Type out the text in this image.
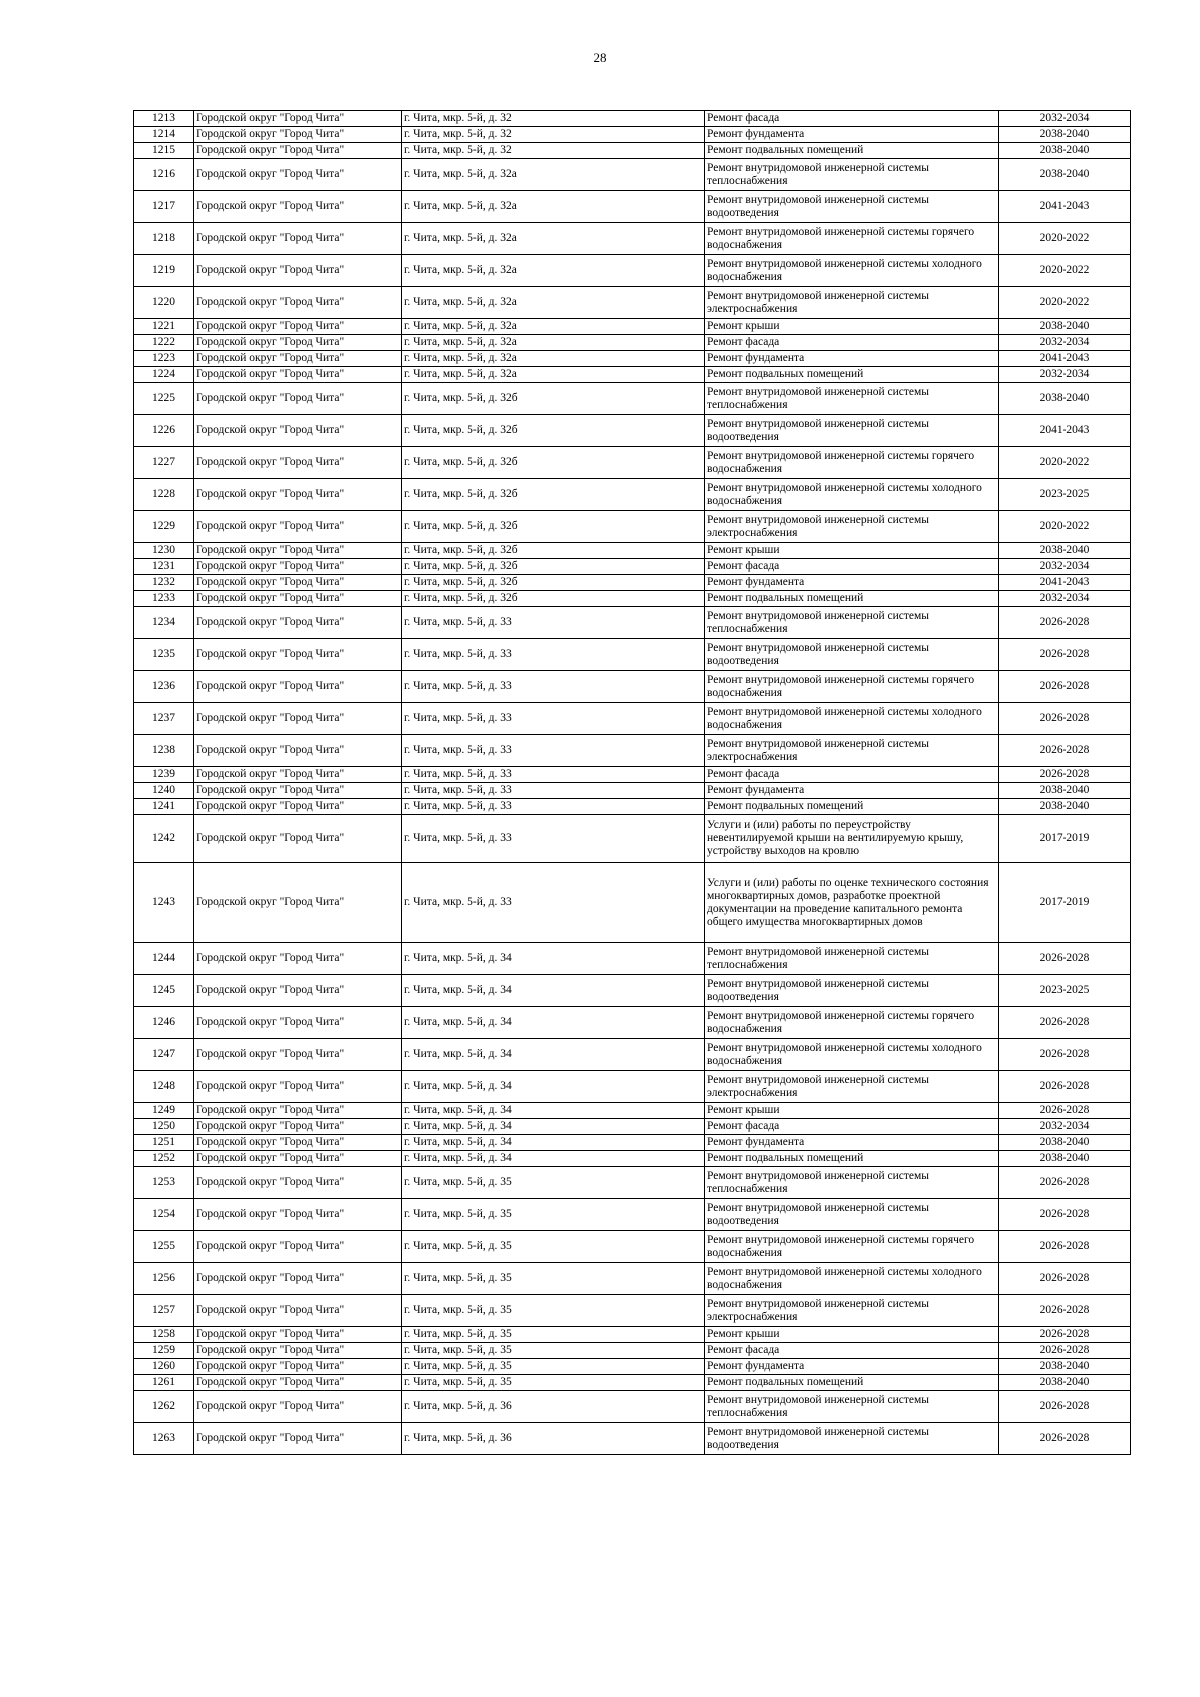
28
1213	Городской округ "Город Чита"	г. Чита, мкр. 5-й, д. 32	Ремонт фасада	2032-2034
1214	Городской округ "Город Чита"	г. Чита, мкр. 5-й, д. 32	Ремонт фундамента	2038-2040
1215	Городской округ "Город Чита"	г. Чита, мкр. 5-й, д. 32	Ремонт подвальных помещений	2038-2040
1216	Городской округ "Город Чита"	г. Чита, мкр. 5-й, д. 32а	Ремонт внутридомовой инженерной системы теплоснабжения	2038-2040
1217	Городской округ "Город Чита"	г. Чита, мкр. 5-й, д. 32а	Ремонт внутридомовой инженерной системы водоотведения	2041-2043
1218	Городской округ "Город Чита"	г. Чита, мкр. 5-й, д. 32а	Ремонт внутридомовой инженерной системы горячего водоснабжения	2020-2022
1219	Городской округ "Город Чита"	г. Чита, мкр. 5-й, д. 32а	Ремонт внутридомовой инженерной системы холодного водоснабжения	2020-2022
1220	Городской округ "Город Чита"	г. Чита, мкр. 5-й, д. 32а	Ремонт внутридомовой инженерной системы электроснабжения	2020-2022
1221	Городской округ "Город Чита"	г. Чита, мкр. 5-й, д. 32а	Ремонт крыши	2038-2040
1222	Городской округ "Город Чита"	г. Чита, мкр. 5-й, д. 32а	Ремонт фасада	2032-2034
1223	Городской округ "Город Чита"	г. Чита, мкр. 5-й, д. 32а	Ремонт фундамента	2041-2043
1224	Городской округ "Город Чита"	г. Чита, мкр. 5-й, д. 32а	Ремонт подвальных помещений	2032-2034
1225	Городской округ "Город Чита"	г. Чита, мкр. 5-й, д. 32б	Ремонт внутридомовой инженерной системы теплоснабжения	2038-2040
1226	Городской округ "Город Чита"	г. Чита, мкр. 5-й, д. 32б	Ремонт внутридомовой инженерной системы водоотведения	2041-2043
1227	Городской округ "Город Чита"	г. Чита, мкр. 5-й, д. 32б	Ремонт внутридомовой инженерной системы горячего водоснабжения	2020-2022
1228	Городской округ "Город Чита"	г. Чита, мкр. 5-й, д. 32б	Ремонт внутридомовой инженерной системы холодного водоснабжения	2023-2025
1229	Городской округ "Город Чита"	г. Чита, мкр. 5-й, д. 32б	Ремонт внутридомовой инженерной системы электроснабжения	2020-2022
1230	Городской округ "Город Чита"	г. Чита, мкр. 5-й, д. 32б	Ремонт крыши	2038-2040
1231	Городской округ "Город Чита"	г. Чита, мкр. 5-й, д. 32б	Ремонт фасада	2032-2034
1232	Городской округ "Город Чита"	г. Чита, мкр. 5-й, д. 32б	Ремонт фундамента	2041-2043
1233	Городской округ "Город Чита"	г. Чита, мкр. 5-й, д. 32б	Ремонт подвальных помещений	2032-2034
1234	Городской округ "Город Чита"	г. Чита, мкр. 5-й, д. 33	Ремонт внутридомовой инженерной системы теплоснабжения	2026-2028
1235	Городской округ "Город Чита"	г. Чита, мкр. 5-й, д. 33	Ремонт внутридомовой инженерной системы водоотведения	2026-2028
1236	Городской округ "Город Чита"	г. Чита, мкр. 5-й, д. 33	Ремонт внутридомовой инженерной системы горячего водоснабжения	2026-2028
1237	Городской округ "Город Чита"	г. Чита, мкр. 5-й, д. 33	Ремонт внутридомовой инженерной системы холодного водоснабжения	2026-2028
1238	Городской округ "Город Чита"	г. Чита, мкр. 5-й, д. 33	Ремонт внутридомовой инженерной системы электроснабжения	2026-2028
1239	Городской округ "Город Чита"	г. Чита, мкр. 5-й, д. 33	Ремонт фасада	2026-2028
1240	Городской округ "Город Чита"	г. Чита, мкр. 5-й, д. 33	Ремонт фундамента	2038-2040
1241	Городской округ "Город Чита"	г. Чита, мкр. 5-й, д. 33	Ремонт подвальных помещений	2038-2040
1242	Городской округ "Город Чита"	г. Чита, мкр. 5-й, д. 33	Услуги и (или) работы по переустройству невентилируемой крыши на вентилируемую крышу, устройству выходов на кровлю	2017-2019
1243	Городской округ "Город Чита"	г. Чита, мкр. 5-й, д. 33	Услуги и (или) работы по оценке технического состояния многоквартирных домов, разработке проектной документации на проведение капитального ремонта общего имущества многоквартирных домов	2017-2019
1244	Городской округ "Город Чита"	г. Чита, мкр. 5-й, д. 34	Ремонт внутридомовой инженерной системы теплоснабжения	2026-2028
1245	Городской округ "Город Чита"	г. Чита, мкр. 5-й, д. 34	Ремонт внутридомовой инженерной системы водоотведения	2023-2025
1246	Городской округ "Город Чита"	г. Чита, мкр. 5-й, д. 34	Ремонт внутридомовой инженерной системы горячего водоснабжения	2026-2028
1247	Городской округ "Город Чита"	г. Чита, мкр. 5-й, д. 34	Ремонт внутридомовой инженерной системы холодного водоснабжения	2026-2028
1248	Городской округ "Город Чита"	г. Чита, мкр. 5-й, д. 34	Ремонт внутридомовой инженерной системы электроснабжения	2026-2028
1249	Городской округ "Город Чита"	г. Чита, мкр. 5-й, д. 34	Ремонт крыши	2026-2028
1250	Городской округ "Город Чита"	г. Чита, мкр. 5-й, д. 34	Ремонт фасада	2032-2034
1251	Городской округ "Город Чита"	г. Чита, мкр. 5-й, д. 34	Ремонт фундамента	2038-2040
1252	Городской округ "Город Чита"	г. Чита, мкр. 5-й, д. 34	Ремонт подвальных помещений	2038-2040
1253	Городской округ "Город Чита"	г. Чита, мкр. 5-й, д. 35	Ремонт внутридомовой инженерной системы теплоснабжения	2026-2028
1254	Городской округ "Город Чита"	г. Чита, мкр. 5-й, д. 35	Ремонт внутридомовой инженерной системы водоотведения	2026-2028
1255	Городской округ "Город Чита"	г. Чита, мкр. 5-й, д. 35	Ремонт внутридомовой инженерной системы горячего водоснабжения	2026-2028
1256	Городской округ "Город Чита"	г. Чита, мкр. 5-й, д. 35	Ремонт внутридомовой инженерной системы холодного водоснабжения	2026-2028
1257	Городской округ "Город Чита"	г. Чита, мкр. 5-й, д. 35	Ремонт внутридомовой инженерной системы электроснабжения	2026-2028
1258	Городской округ "Город Чита"	г. Чита, мкр. 5-й, д. 35	Ремонт крыши	2026-2028
1259	Городской округ "Город Чита"	г. Чита, мкр. 5-й, д. 35	Ремонт фасада	2026-2028
1260	Городской округ "Город Чита"	г. Чита, мкр. 5-й, д. 35	Ремонт фундамента	2038-2040
1261	Городской округ "Город Чита"	г. Чита, мкр. 5-й, д. 35	Ремонт подвальных помещений	2038-2040
1262	Городской округ "Город Чита"	г. Чита, мкр. 5-й, д. 36	Ремонт внутридомовой инженерной системы теплоснабжения	2026-2028
1263	Городской округ "Город Чита"	г. Чита, мкр. 5-й, д. 36	Ремонт внутридомовой инженерной системы водоотведения	2026-2028
